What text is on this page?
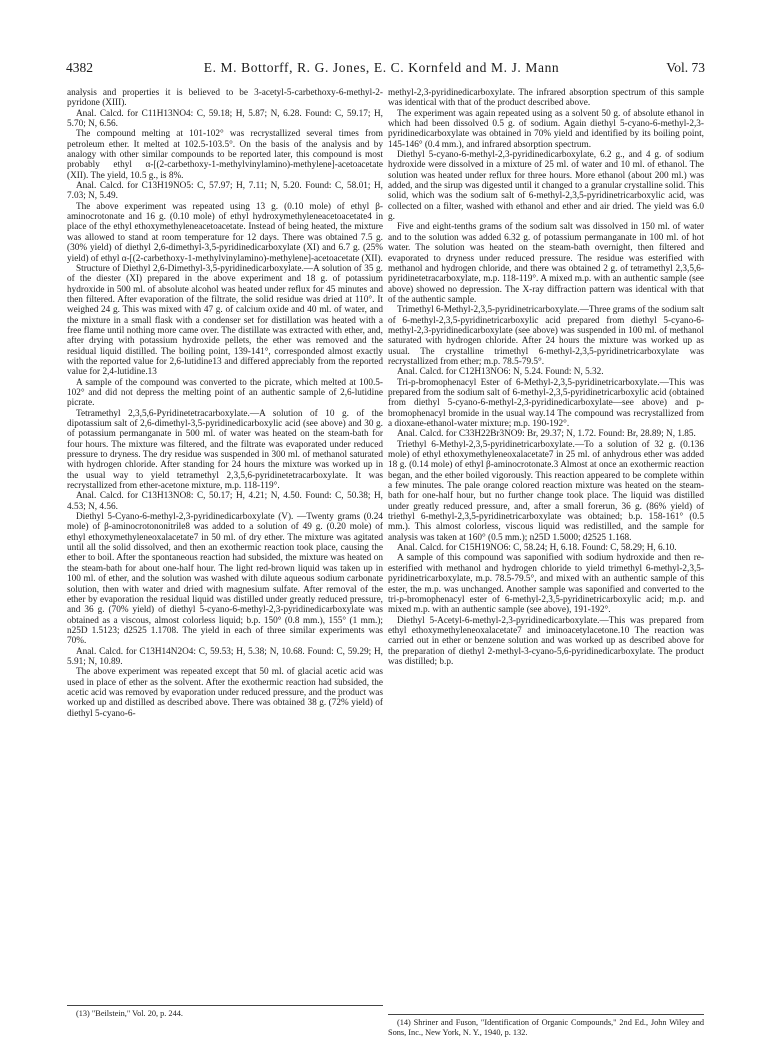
4382	E. M. Bottorff, R. G. Jones, E. C. Kornfeld and M. J. Mann	Vol. 73

analysis and properties it is believed to be 3-acetyl-5-carbethoxy-6-methyl-2-pyridone (XIII).

Anal. Calcd. for C11H13NO4: C, 59.18; H, 5.87; N, 6.28. Found: C, 59.17; H, 5.70; N, 6.56.

The compound melting at 101-102° was recrystallized several times from petroleum ether. It melted at 102.5-103.5°. On the basis of the analysis and by analogy with other similar compounds to be reported later, this compound is most probably ethyl α-[(2-carbethoxy-1-methylvinylamino)-methylene]-acetoacetate (XII). The yield, 10.5 g., is 8%.

Anal. Calcd. for C13H19NO5: C, 57.97; H, 7.11; N, 5.20. Found: C, 58.01; H, 7.03; N, 5.49.

The above experiment was repeated using 13 g. (0.10 mole) of ethyl β-aminocrotonate and 16 g. (0.10 mole) of ethyl hydroxymethyleneacetoacetate4 in place of the ethyl ethoxymethyleneacetoacetate. Instead of being heated, the mixture was allowed to stand at room temperature for 12 days. There was obtained 7.5 g. (30% yield) of diethyl 2,6-dimethyl-3,5-pyridinedicarboxylate (XI) and 6.7 g. (25% yield) of ethyl α-[(2-carbethoxy-1-methylvinylamino)-methylene]-acetoacetate (XII).

Structure of Diethyl 2,6-Dimethyl-3,5-pyridinedicarboxylate.—A solution of 35 g. of the diester (XI) prepared in the above experiment and 18 g. of potassium hydroxide in 500 ml. of absolute alcohol was heated under reflux for 45 minutes and then filtered. After evaporation of the filtrate, the solid residue was dried at 110°. It weighed 24 g. This was mixed with 47 g. of calcium oxide and 40 ml. of water, and the mixture in a small flask with a condenser set for distillation was heated with a free flame until nothing more came over. The distillate was extracted with ether, and, after drying with potassium hydroxide pellets, the ether was removed and the residual liquid distilled. The boiling point, 139-141°, corresponded almost exactly with the reported value for 2,6-lutidine13 and differed appreciably from the reported value for 2,4-lutidine.13

A sample of the compound was converted to the picrate, which melted at 100.5-102° and did not depress the melting point of an authentic sample of 2,6-lutidine picrate.

Tetramethyl 2,3,5,6-Pyridinetetracarboxylate.—A solution of 10 g. of the dipotassium salt of 2,6-dimethyl-3,5-pyridinedicarboxylic acid (see above) and 30 g. of potassium permanganate in 500 ml. of water was heated on the steam-bath for four hours. The mixture was filtered, and the filtrate was evaporated under reduced pressure to dryness. The dry residue was suspended in 300 ml. of methanol saturated with hydrogen chloride. After standing for 24 hours the mixture was worked up in the usual way to yield tetramethyl 2,3,5,6-pyridinetetracarboxylate. It was recrystallized from ether-acetone mixture, m.p. 118-119°.

Anal. Calcd. for C13H13NO8: C, 50.17; H, 4.21; N, 4.50. Found: C, 50.38; H, 4.53; N, 4.56.

Diethyl 5-Cyano-6-methyl-2,3-pyridinedicarboxylate (V). —Twenty grams (0.24 mole) of β-aminocrotononitrile8 was added to a solution of 49 g. (0.20 mole) of ethyl ethoxymethyleneoxalacetate7 in 50 ml. of dry ether. The mixture was agitated until all the solid dissolved, and then an exothermic reaction took place, causing the ether to boil. After the spontaneous reaction had subsided, the mixture was heated on the steam-bath for about one-half hour. The light red-brown liquid was taken up in 100 ml. of ether, and the solution was washed with dilute aqueous sodium carbonate solution, then with water and dried with magnesium sulfate. After removal of the ether by evaporation the residual liquid was distilled under greatly reduced pressure, and 36 g. (70% yield) of diethyl 5-cyano-6-methyl-2,3-pyridinedicarboxylate was obtained as a viscous, almost colorless liquid; b.p. 150° (0.8 mm.), 155° (1 mm.); n25D 1.5123; d2525 1.1708. The yield in each of three similar experiments was 70%.

Anal. Calcd. for C13H14N2O4: C, 59.53; H, 5.38; N, 10.68. Found: C, 59.29; H, 5.91; N, 10.89.

The above experiment was repeated except that 50 ml. of glacial acetic acid was used in place of ether as the solvent. After the exothermic reaction had subsided, the acetic acid was removed by evaporation under reduced pressure, and the product was worked up and distilled as described above. There was obtained 38 g. (72% yield) of diethyl 5-cyano-6-

(13) "Beilstein," Vol. 20, p. 244.

methyl-2,3-pyridinedicarboxylate. The infrared absorption spectrum of this sample was identical with that of the product described above.

The experiment was again repeated using as a solvent 50 g. of absolute ethanol in which had been dissolved 0.5 g. of sodium. Again diethyl 5-cyano-6-methyl-2,3-pyridinedicarboxylate was obtained in 70% yield and identified by its boiling point, 145-146° (0.4 mm.), and infrared absorption spectrum.

Diethyl 5-cyano-6-methyl-2,3-pyridinedicarboxylate, 6.2 g., and 4 g. of sodium hydroxide were dissolved in a mixture of 25 ml. of water and 10 ml. of ethanol. The solution was heated under reflux for three hours. More ethanol (about 200 ml.) was added, and the sirup was digested until it changed to a granular crystalline solid. This solid, which was the sodium salt of 6-methyl-2,3,5-pyridinetricarboxylic acid, was collected on a filter, washed with ethanol and ether and air dried. The yield was 6.0 g.

Five and eight-tenths grams of the sodium salt was dissolved in 150 ml. of water and to the solution was added 6.32 g. of potassium permanganate in 100 ml. of hot water. The solution was heated on the steam-bath overnight, then filtered and evaporated to dryness under reduced pressure. The residue was esterified with methanol and hydrogen chloride, and there was obtained 2 g. of tetramethyl 2,3,5,6-pyridinetetracarboxylate, m.p. 118-119°. A mixed m.p. with an authentic sample (see above) showed no depression. The X-ray diffraction pattern was identical with that of the authentic sample.

Trimethyl 6-Methyl-2,3,5-pyridinetricarboxylate.—Three grams of the sodium salt of 6-methyl-2,3,5-pyridinetricarboxylic acid prepared from diethyl 5-cyano-6-methyl-2,3-pyridinedicarboxylate (see above) was suspended in 100 ml. of methanol saturated with hydrogen chloride. After 24 hours the mixture was worked up as usual. The crystalline trimethyl 6-methyl-2,3,5-pyridinetricarboxylate was recrystallized from ether; m.p. 78.5-79.5°.

Anal. Calcd. for C12H13NO6: N, 5.24. Found: N, 5.32.

Tri-p-bromophenacyl Ester of 6-Methyl-2,3,5-pyridinetricarboxylate.—This was prepared from the sodium salt of 6-methyl-2,3,5-pyridinetricarboxylic acid (obtained from diethyl 5-cyano-6-methyl-2,3-pyridinedicarboxylate—see above) and p-bromophenacyl bromide in the usual way.14 The compound was recrystallized from a dioxane-ethanol-water mixture; m.p. 190-192°.

Anal. Calcd. for C33H22Br3NO9: Br, 29.37; N, 1.72. Found: Br, 28.89; N, 1.85.

Triethyl 6-Methyl-2,3,5-pyridinetricarboxylate.—To a solution of 32 g. (0.136 mole) of ethyl ethoxymethyleneoxalacetate7 in 25 ml. of anhydrous ether was added 18 g. (0.14 mole) of ethyl β-aminocrotonate.3 Almost at once an exothermic reaction began, and the ether boiled vigorously. This reaction appeared to be complete within a few minutes. The pale orange colored reaction mixture was heated on the steam-bath for one-half hour, but no further change took place. The liquid was distilled under greatly reduced pressure, and, after a small forerun, 36 g. (86% yield) of triethyl 6-methyl-2,3,5-pyridinetricarboxylate was obtained; b.p. 158-161° (0.5 mm.). This almost colorless, viscous liquid was redistilled, and the sample for analysis was taken at 160° (0.5 mm.); n25D 1.5000; d2525 1.168.

Anal. Calcd. for C15H19NO6: C, 58.24; H, 6.18. Found: C, 58.29; H, 6.10.

A sample of this compound was saponified with sodium hydroxide and then re-esterified with methanol and hydrogen chloride to yield trimethyl 6-methyl-2,3,5-pyridinetricarboxylate, m.p. 78.5-79.5°, and mixed with an authentic sample of this ester, the m.p. was unchanged. Another sample was saponified and converted to the tri-p-bromophenacyl ester of 6-methyl-2,3,5-pyridinetricarboxylic acid; m.p. and mixed m.p. with an authentic sample (see above), 191-192°.

Diethyl 5-Acetyl-6-methyl-2,3-pyridinedicarboxylate.—This was prepared from ethyl ethoxymethyleneoxalacetate7 and iminoacetylacetone.10 The reaction was carried out in ether or benzene solution and was worked up as described above for the preparation of diethyl 2-methyl-3-cyano-5,6-pyridinedicarboxylate. The product was distilled; b.p.

(14) Shriner and Fuson, "Identification of Organic Compounds," 2nd Ed., John Wiley and Sons, Inc., New York, N. Y., 1940, p. 132.
